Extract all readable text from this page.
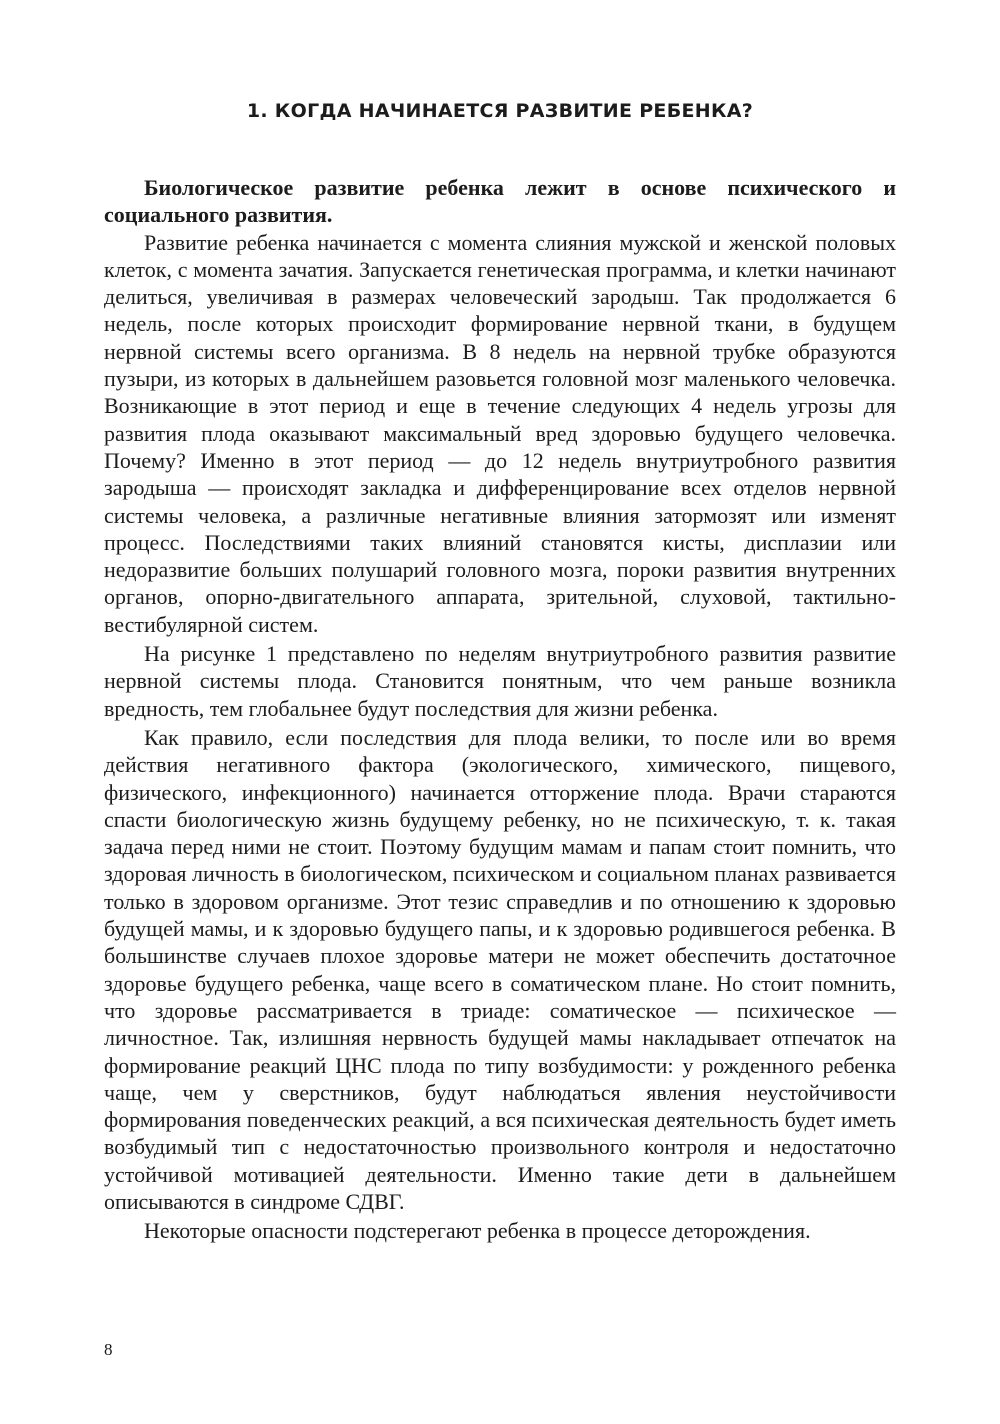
1. КОГДА НАЧИНАЕТСЯ РАЗВИТИЕ РЕБЕНКА?

Биологическое развитие ребенка лежит в основе психического и социального развития.

Развитие ребенка начинается с момента слияния мужской и женской половых клеток, с момента зачатия. Запускается генетическая программа, и клетки начинают делиться, увеличивая в размерах человеческий зародыш. Так продолжается 6 недель, после которых происходит формирование нервной ткани, в будущем нервной системы всего организма. В 8 недель на нервной трубке образуются пузыри, из которых в дальнейшем разовьется головной мозг маленького человечка. Возникающие в этот период и еще в течение следующих 4 недель угрозы для развития плода оказывают максимальный вред здоровью будущего человечка. Почему? Именно в этот период — до 12 недель внутриутробного развития зародыша — происходят закладка и дифференцирование всех отделов нервной системы человека, а различные негативные влияния затормозят или изменят процесс. Последствиями таких влияний становятся кисты, дисплазии или недоразвитие больших полушарий головного мозга, пороки развития внутренних органов, опорно-двигательного аппарата, зрительной, слуховой, тактильно-вестибулярной систем.

На рисунке 1 представлено по неделям внутриутробного развития развитие нервной системы плода. Становится понятным, что чем раньше возникла вредность, тем глобальнее будут последствия для жизни ребенка.

Как правило, если последствия для плода велики, то после или во время действия негативного фактора (экологического, химического, пищевого, физического, инфекционного) начинается отторжение плода. Врачи стараются спасти биологическую жизнь будущему ребенку, но не психическую, т. к. такая задача перед ними не стоит. Поэтому будущим мамам и папам стоит помнить, что здоровая личность в биологическом, психическом и социальном планах развивается только в здоровом организме. Этот тезис справедлив и по отношению к здоровью будущей мамы, и к здоровью будущего папы, и к здоровью родившегося ребенка. В большинстве случаев плохое здоровье матери не может обеспечить достаточное здоровье будущего ребенка, чаще всего в соматическом плане. Но стоит помнить, что здоровье рассматривается в триаде: соматическое — психическое — личностное. Так, излишняя нервность будущей мамы накладывает отпечаток на формирование реакций ЦНС плода по типу возбудимости: у рожденного ребенка чаще, чем у сверстников, будут наблюдаться явления неустойчивости формирования поведенческих реакций, а вся психическая деятельность будет иметь возбудимый тип с недостаточностью произвольного контроля и недостаточно устойчивой мотивацией деятельности. Именно такие дети в дальнейшем описываются в синдроме СДВГ.

Некоторые опасности подстерегают ребенка в процессе деторождения.

8
